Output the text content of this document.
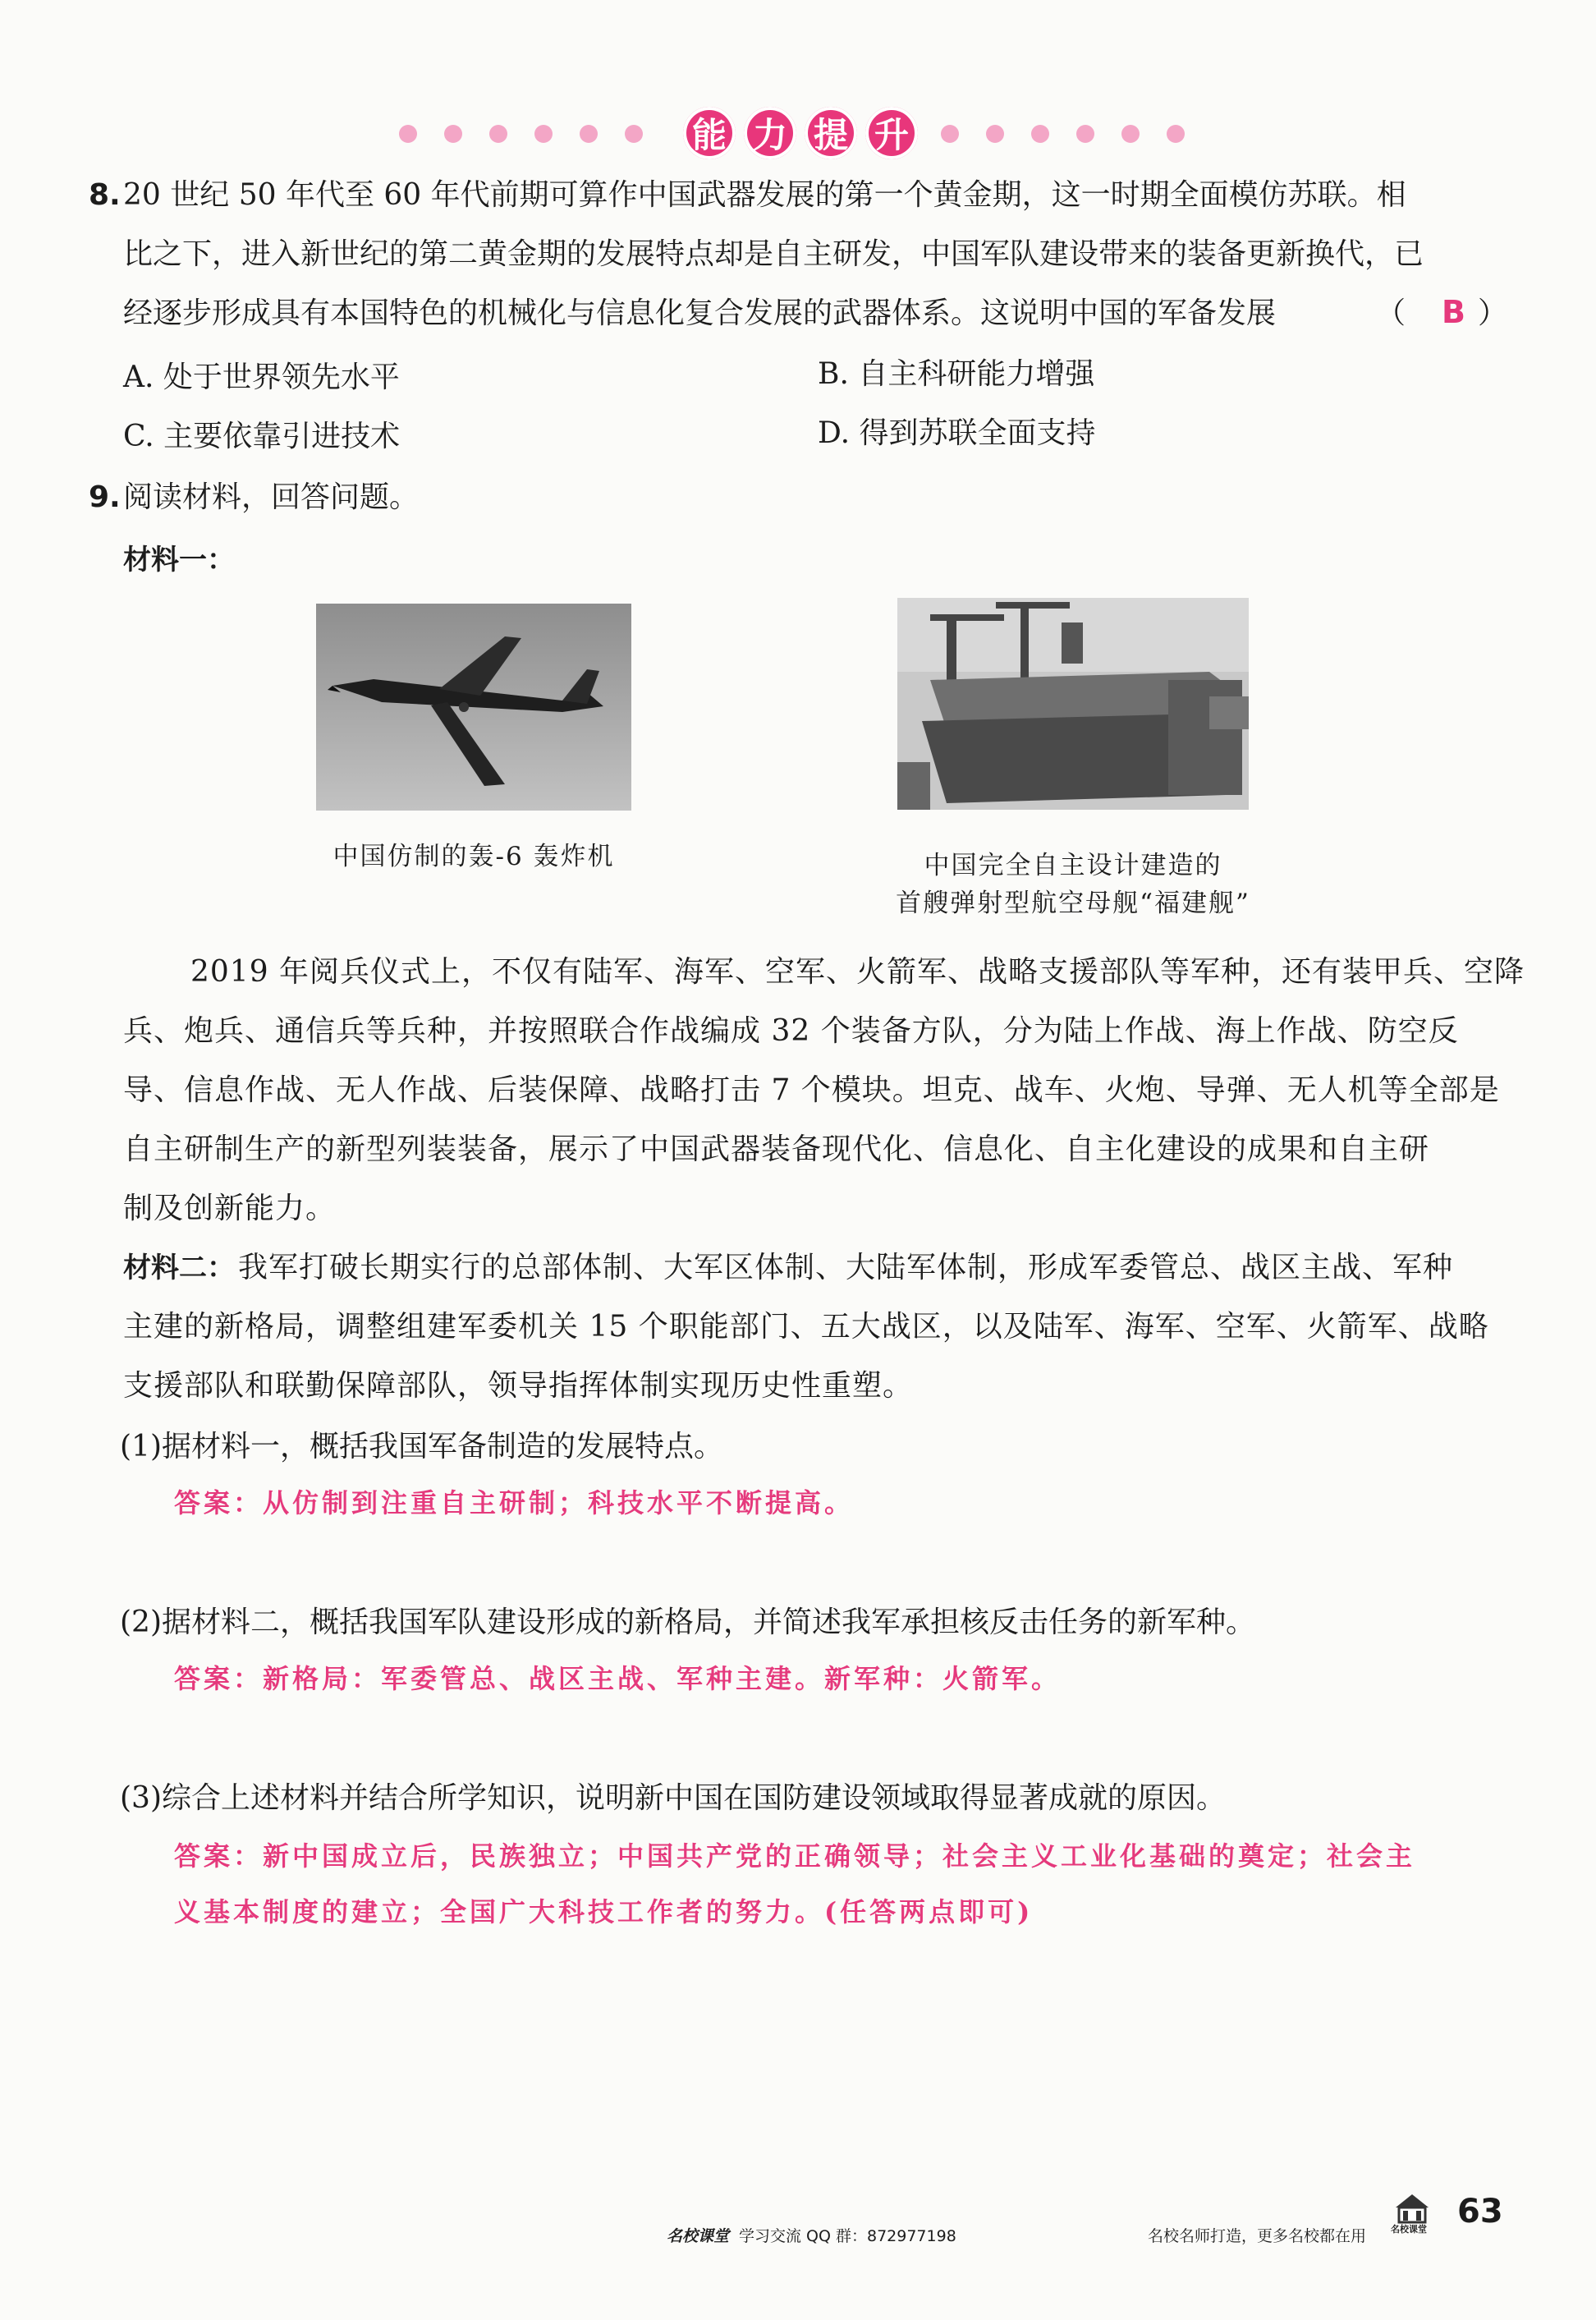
能 力 提 升
8. 20 世纪 50 年代至 60 年代前期可算作中国武器发展的第一个黄金期，这一时期全面模仿苏联。相
比之下，进入新世纪的第二黄金期的发展特点却是自主研发，中国军队建设带来的装备更新换代，已
经逐步形成具有本国特色的机械化与信息化复合发展的武器体系。这说明中国的军备发展	（ B ）
A. 处于世界领先水平	B. 自主科研能力增强
C. 主要依靠引进技术	D. 得到苏联全面支持
9. 阅读材料，回答问题。
材料一：
中国仿制的轰-6 轰炸机	中国完全自主设计建造的
首艘弹射型航空母舰“福建舰”
2019 年阅兵仪式上，不仅有陆军、海军、空军、火箭军、战略支援部队等军种，还有装甲兵、空降
兵、炮兵、通信兵等兵种，并按照联合作战编成 32 个装备方队，分为陆上作战、海上作战、防空反
导、信息作战、无人作战、后装保障、战略打击 7 个模块。坦克、战车、火炮、导弹、无人机等全部是
自主研制生产的新型列装装备，展示了中国武器装备现代化、信息化、自主化建设的成果和自主研
制及创新能力。
材料二： 我军打破长期实行的总部体制、大军区体制、大陆军体制，形成军委管总、战区主战、军种
主建的新格局，调整组建军委机关 15 个职能部门、五大战区，以及陆军、海军、空军、火箭军、战略
支援部队和联勤保障部队，领导指挥体制实现历史性重塑。
(1)据材料一，概括我国军备制造的发展特点。
答案：从仿制到注重自主研制；科技水平不断提高。
(2)据材料二，概括我国军队建设形成的新格局，并简述我军承担核反击任务的新军种。
答案：新格局：军委管总、战区主战、军种主建。新军种：火箭军。
(3)综合上述材料并结合所学知识，说明新中国在国防建设领域取得显著成就的原因。
答案：新中国成立后，民族独立；中国共产党的正确领导；社会主义工业化基础的奠定；社会主
义基本制度的建立；全国广大科技工作者的努力。(任答两点即可)
名校课堂 学习交流 QQ 群：872977198	名校名师打造，更多名校都在用	名校课堂 63
